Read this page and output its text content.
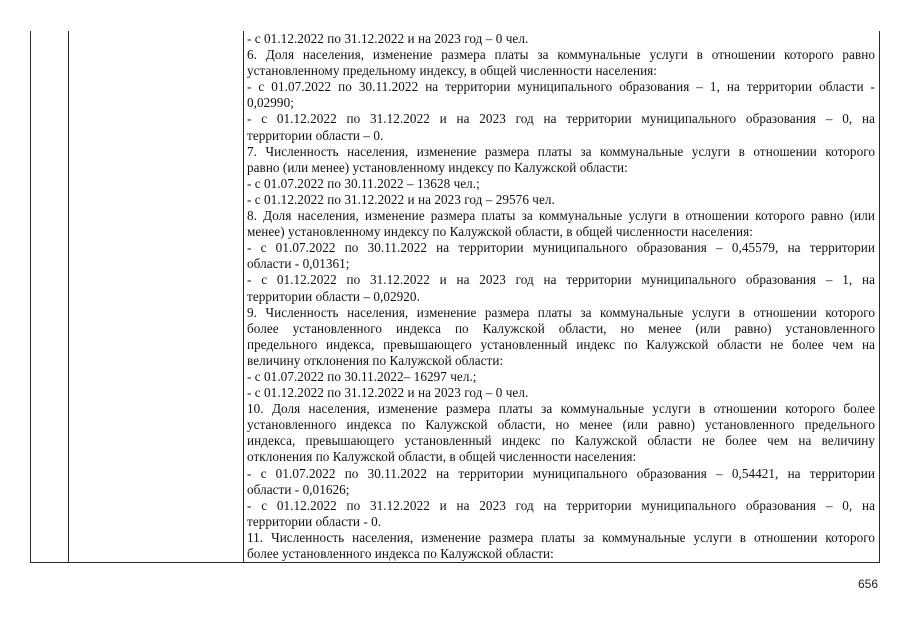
- с 01.12.2022 по 31.12.2022 и на 2023 год – 0 чел.
6. Доля населения, изменение размера платы за коммунальные услуги в отношении которого равно
установленному предельному индексу, в общей численности населения:
- с 01.07.2022 по 30.11.2022 на территории муниципального образования – 1, на территории области -
0,02990;
- с 01.12.2022 по 31.12.2022 и на 2023 год на территории муниципального образования – 0, на
территории области – 0.
7. Численность населения, изменение размера платы за коммунальные услуги в отношении которого
равно (или менее) установленному индексу по Калужской области:
- с 01.07.2022 по 30.11.2022 – 13628 чел.;
- с 01.12.2022 по 31.12.2022 и на 2023 год – 29576 чел.
8. Доля населения, изменение размера платы за коммунальные услуги в отношении которого равно (или
менее) установленному индексу по Калужской области, в общей численности населения:
- с 01.07.2022 по 30.11.2022 на территории муниципального образования – 0,45579, на территории
области - 0,01361;
- с 01.12.2022 по 31.12.2022 и на 2023 год на территории муниципального образования – 1, на
территории области – 0,02920.
9. Численность населения, изменение размера платы за коммунальные услуги в отношении которого
более установленного индекса по Калужской области, но менее (или равно) установленного
предельного индекса, превышающего установленный индекс по Калужской области не более чем на
величину отклонения по Калужской области:
- с 01.07.2022 по 30.11.2022– 16297 чел.;
- с 01.12.2022 по 31.12.2022 и на 2023 год – 0 чел.
10. Доля населения, изменение размера платы за коммунальные услуги в отношении которого более
установленного индекса по Калужской области, но менее (или равно) установленного предельного
индекса, превышающего установленный индекс по Калужской области не более чем на величину
отклонения по Калужской области, в общей численности населения:
- с 01.07.2022 по 30.11.2022 на территории муниципального образования – 0,54421, на территории
области - 0,01626;
- с 01.12.2022 по 31.12.2022 и на 2023 год на территории муниципального образования – 0, на
территории области - 0.
11. Численность населения, изменение размера платы за коммунальные услуги в отношении которого
более установленного индекса по Калужской области:
656
